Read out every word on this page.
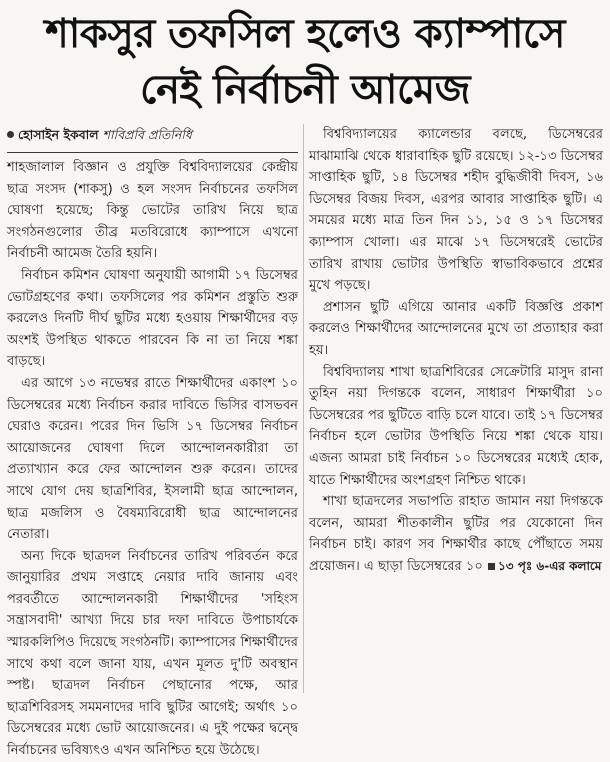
শাকসুর তফসিল হলেও ক্যাম্পাসে
নেই নির্বাচনী আমেজ
হোসাইন ইকবাল শাবিপ্রবি প্রতিনিধি

শাহজালাল বিজ্ঞান ও প্রযুক্তি বিশ্ববিদ্যালয়ের কেন্দ্রীয় ছাত্র সংসদ (শাকসু) ও হল সংসদ নির্বাচনের তফসিল ঘোষণা হয়েছে; কিন্তু ভোটের তারিখ নিয়ে ছাত্র সংগঠনগুলোর তীব্র মতবিরোধে ক্যাম্পাসে এখনো নির্বাচনী আমেজ তৈরি হয়নি।

নির্বাচন কমিশন ঘোষণা অনুযায়ী আগামী ১৭ ডিসেম্বর ভোটগ্রহণের কথা। তফসিলের পর কমিশন প্রস্তুতি শুরু করলেও দিনটি দীর্ঘ ছুটির মধ্যে হওয়ায় শিক্ষার্থীদের বড় অংশই উপস্থিত থাকতে পারবেন কি না তা নিয়ে শঙ্কা বাড়ছে।

এর আগে ১৩ নভেম্বর রাতে শিক্ষার্থীদের একাংশ ১০ ডিসেম্বরের মধ্যে নির্বাচন করার দাবিতে ভিসির বাসভবন ঘেরাও করেন। পরের দিন ভিসি ১৭ ডিসেম্বর নির্বাচন আয়োজনের ঘোষণা দিলে আন্দোলনকারীরা তা প্রত্যাখ্যান করে ফের আন্দোলন শুরু করেন। তাদের সাথে যোগ দেয় ছাত্রশিবির, ইসলামী ছাত্র আন্দোলন, ছাত্র মজলিস ও বৈষম্যবিরোধী ছাত্র আন্দোলনের নেতারা।

অন্য দিকে ছাত্রদল নির্বাচনের তারিখ পরিবর্তন করে জানুয়ারির প্রথম সপ্তাহে নেয়ার দাবি জানায় এবং পরবর্তীতে আন্দোলনকারী শিক্ষার্থীদের 'সহিংস সন্ত্রাসবাদী' আখ্যা দিয়ে চার দফা দাবিতে উপাচার্যকে স্মারকলিপিও দিয়েছে সংগঠনটি। ক্যাম্পাসের শিক্ষার্থীদের সাথে কথা বলে জানা যায়, এখন মূলত দু'টি অবস্থান স্পষ্ট। ছাত্রদল নির্বাচন পেছানোর পক্ষে, আর ছাত্রশিবিরসহ সমমনাদের দাবি ছুটির আগেই; অর্থাৎ ১০ ডিসেম্বরের মধ্যে ভোট আয়োজনের। এ দুই পক্ষের দ্বন্দ্বে নির্বাচনের ভবিষ্যৎও এখন অনিশ্চিত হয়ে উঠেছে।

বিশ্ববিদ্যালয়ের ক্যালেন্ডার বলছে, ডিসেম্বরের মাঝামাঝি থেকে ধারাবাহিক ছুটি রয়েছে। ১২-১৩ ডিসেম্বর সাপ্তাহিক ছুটি, ১৪ ডিসেম্বর শহীদ বুদ্ধিজীবী দিবস, ১৬ ডিসেম্বর বিজয় দিবস, এরপর আবার সাপ্তাহিক ছুটি। এ সময়ের মধ্যে মাত্র তিন দিন ১১, ১৫ ও ১৭ ডিসেম্বর ক্যাম্পাস খোলা। এর মাঝে ১৭ ডিসেম্বরেই ভোটের তারিখ রাখায় ভোটার উপস্থিতি স্বাভাবিকভাবে প্রশ্নের মুখে পড়ছে।

প্রশাসন ছুটি এগিয়ে আনার একটি বিজ্ঞপ্তি প্রকাশ করলেও শিক্ষার্থীদের আন্দোলনের মুখে তা প্রত্যাহার করা হয়।

বিশ্ববিদ্যালয় শাখা ছাত্রশিবিরের সেক্রেটারি মাসুদ রানা তুহিন নয়া দিগন্তকে বলেন, সাধারণ শিক্ষার্থীরা ১০ ডিসেম্বরের পর ছুটিতে বাড়ি চলে যাবে। তাই ১৭ ডিসেম্বর নির্বাচন হলে ভোটার উপস্থিতি নিয়ে শঙ্কা থেকে যায়। এজন্য আমরা চাই নির্বাচন ১০ ডিসেম্বরের মধ্যেই হোক, যাতে শিক্ষার্থীদের অংশগ্রহণ নিশ্চিত থাকে।

শাখা ছাত্রদলের সভাপতি রাহাত জামান নয়া দিগন্তকে বলেন, আমরা শীতকালীন ছুটির পর যেকোনো দিন নির্বাচন চাই। কারণ সব শিক্ষার্থীর কাছে পৌঁছাতে সময় প্রয়োজন। এ ছাড়া ডিসেম্বরের ১০ ১৩ পৃঃ ৬-এর কলামে
